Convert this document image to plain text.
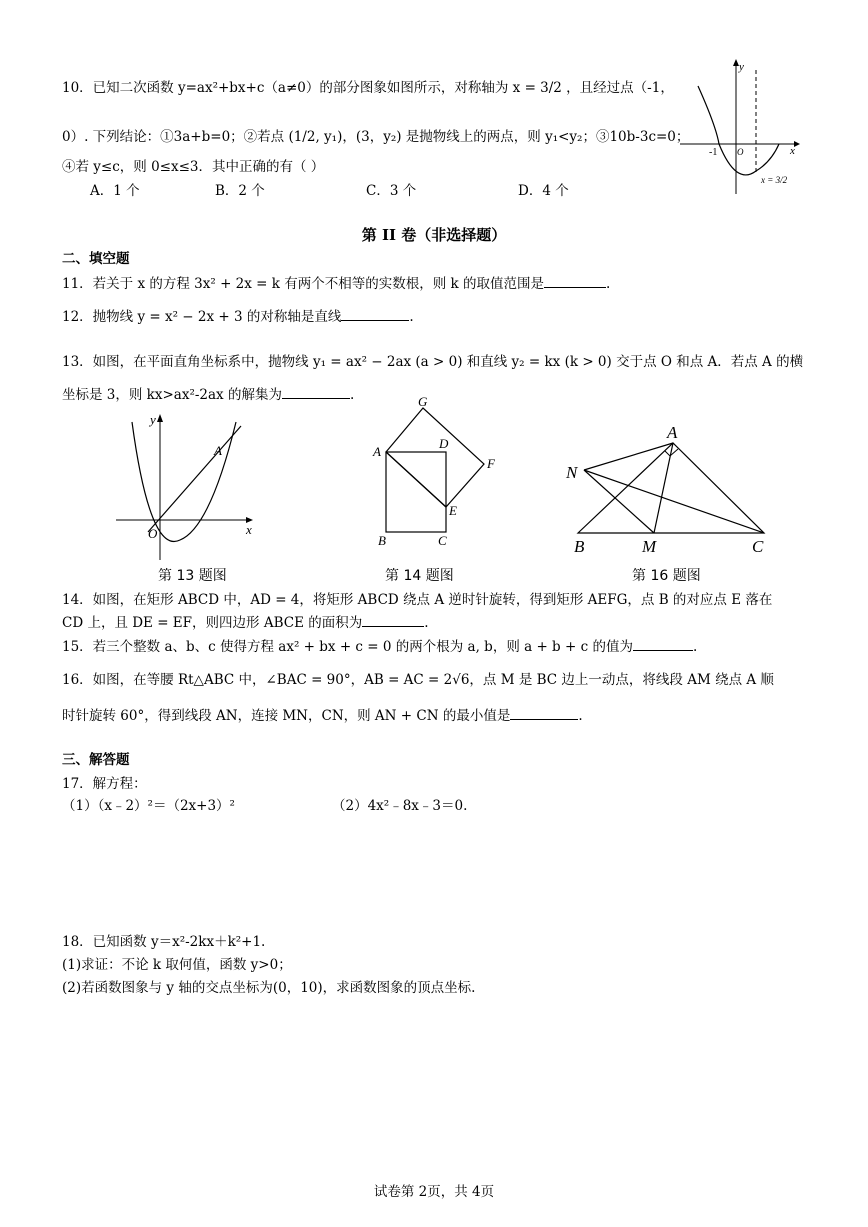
10．已知二次函数 y=ax²+bx+c（a≠0）的部分图象如图所示，对称轴为 x = 3/2 ，且经过点（-1，
0）. 下列结论：①3a+b=0；②若点 (1/2, y₁)，(3，y₂) 是抛物线上的两点，则 y₁<y₂；③10b-3c=0；
④若 y≤c，则 0≤x≤3．其中正确的有（ ）
A．1 个	B．2 个	C．3 个	D．4 个
y
x
-1 O
x = 3/2
第 II 卷（非选择题）
二、填空题
11．若关于 x 的方程 3x² + 2x = k 有两个不相等的实数根，则 k 的取值范围是	.
12．抛物线 y = x² − 2x + 3 的对称轴是直线	.
13．如图，在平面直角坐标系中，抛物线 y₁ = ax² − 2ax (a > 0) 和直线 y₂ = kx (k > 0) 交于点 O 和点 A．若点 A 的横
坐标是 3，则 kx>ax²-2ax 的解集为	.
y
x
O
A
第 13 题图
G
A
D
F
E
B	C
第 14 题图
A
N
B	M	C
第 16 题图
14．如图，在矩形 ABCD 中，AD = 4，将矩形 ABCD 绕点 A 逆时针旋转，得到矩形 AEFG，点 B 的对应点 E 落在
CD 上，且 DE = EF，则四边形 ABCE 的面积为	.
15．若三个整数 a、b、c 使得方程 ax² + bx + c = 0 的两个根为 a, b，则 a + b + c 的值为	.
16．如图，在等腰 Rt△ABC 中，∠BAC = 90°，AB = AC = 2√6，点 M 是 BC 边上一动点，将线段 AM 绕点 A 顺
时针旋转 60°，得到线段 AN，连接 MN，CN，则 AN + CN 的最小值是	.
三、解答题
17．解方程：
（1）（x﹣2）²＝（2x+3）²	（2）4x²﹣8x﹣3＝0.
18．已知函数 y＝x²-2kx＋k²+1.
(1)求证：不论 k 取何值，函数 y>0；
(2)若函数图象与 y 轴的交点坐标为(0，10)，求函数图象的顶点坐标.
试卷第 2页，共 4页
